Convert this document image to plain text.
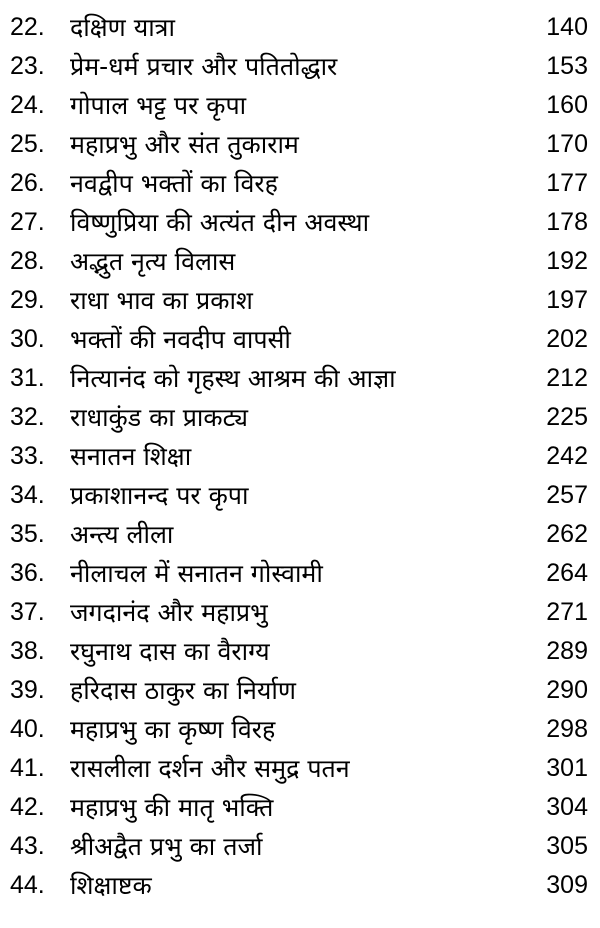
22.	दक्षिण यात्रा	140
23.	प्रेम-धर्म प्रचार और पतितोद्धार	153
24.	गोपाल भट्ट पर कृपा	160
25.	महाप्रभु और संत तुकाराम	170
26.	नवद्वीप भक्तों का विरह	177
27.	विष्णुप्रिया की अत्यंत दीन अवस्था	178
28.	अद्भुत नृत्य विलास	192
29.	राधा भाव का प्रकाश	197
30.	भक्तों की नवदीप वापसी	202
31.	नित्यानंद को गृहस्थ आश्रम की आज्ञा	212
32.	राधाकुंड का प्राकट्य	225
33.	सनातन शिक्षा	242
34.	प्रकाशानन्द पर कृपा	257
35.	अन्त्य लीला	262
36.	नीलाचल में सनातन गोस्वामी	264
37.	जगदानंद और महाप्रभु	271
38.	रघुनाथ दास का वैराग्य	289
39.	हरिदास ठाकुर का निर्याण	290
40.	महाप्रभु का कृष्ण विरह	298
41.	रासलीला दर्शन और समुद्र पतन	301
42.	महाप्रभु की मातृ भक्ति	304
43.	श्रीअद्वैत प्रभु का तर्जा	305
44.	शिक्षाष्टक	309
